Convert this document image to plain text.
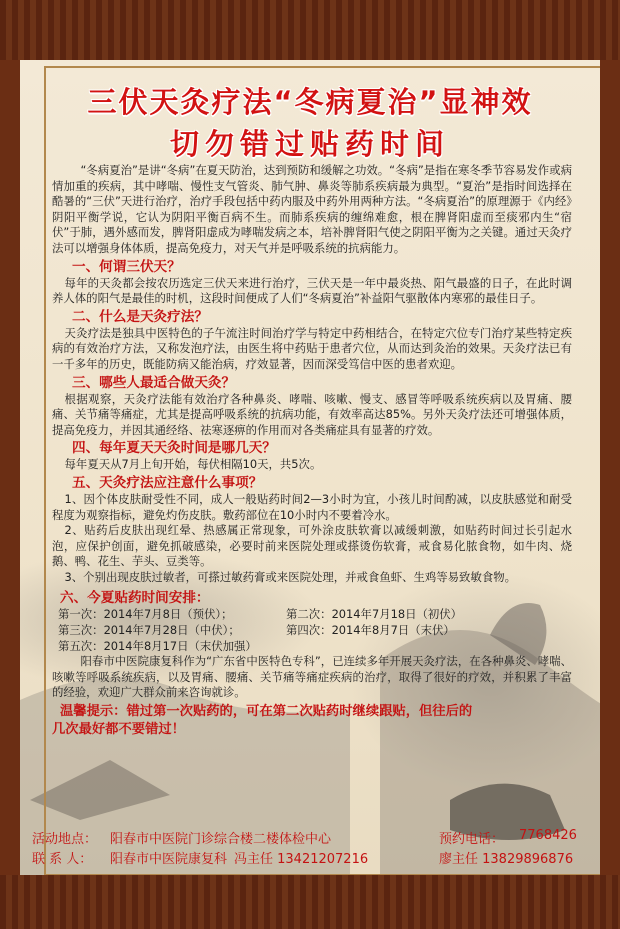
三伏天灸疗法“冬病夏治”显神效
切勿错过贴药时间

“冬病夏治”是讲“冬病”在夏天防治，达到预防和缓解之功效。“冬病”是指在寒冬季节容易发作或病情加重的疾病，其中哮喘、慢性支气管炎、肺气肿、鼻炎等肺系疾病最为典型。“夏治”是指时间选择在酷暑的“三伏”天进行治疗，治疗手段包括中药内服及中药外用两种方法。“冬病夏治”的原理源于《内经》阴阳平衡学说，它认为阴阳平衡百病不生。而肺系疾病的缠绵难愈，根在脾肾阳虚而至痰邪内生“宿伏”于肺，遇外感而发，脾肾阳虚成为哮喘发病之本，培补脾肾阳气使之阴阳平衡为之关键。通过天灸疗法可以增强身体体质，提高免疫力，对天气并是呼吸系统的抗病能力。

一、何谓三伏天？

每年的天灸都会按农历选定三伏天来进行治疗，三伏天是一年中最炎热、阳气最盛的日子，在此时调养人体的阳气是最佳的时机，这段时间便成了人们“冬病夏治”补益阳气驱散体内寒邪的最佳日子。

二、什么是天灸疗法？

天灸疗法是独具中医特色的子午流注时间治疗学与特定中药相结合，在特定穴位专门治疗某些特定疾病的有效治疗方法，又称发泡疗法，由医生将中药贴于患者穴位，从而达到灸治的效果。天灸疗法已有一千多年的历史，既能防病又能治病，疗效显著，因而深受笃信中医的患者欢迎。

三、哪些人最适合做天灸？

根据观察，天灸疗法能有效治疗各种鼻炎、哮喘、咳嗽、慢支、感冒等呼吸系统疾病以及胃痛、腰痛、关节痛等痛症，尤其是提高呼吸系统的抗病功能，有效率高达85%。另外天灸疗法还可增强体质，提高免疫力，并因其通经络、祛寒逐痹的作用而对各类痛症具有显著的疗效。

四、每年夏天天灸时间是哪几天？

每年夏天从7月上旬开始，每伏相隔10天，共5次。

五、天灸疗法应注意什么事项？

1、因个体皮肤耐受性不同，成人一般贴药时间2—3小时为宜，小孩儿时间酌减，以皮肤感觉和耐受程度为观察指标，避免灼伤皮肤。敷药部位在10小时内不要着冷水。

2、贴药后皮肤出现红晕、热感属正常现象，可外涂皮肤软膏以减缓刺激，如贴药时间过长引起水泡，应保护创面，避免抓破感染，必要时前来医院处理或搽烫伤软膏，戒食易化脓食物，如牛肉、烧鹅、鸭、花生、芋头、豆类等。

3、个别出现皮肤过敏者，可搽过敏药膏或来医院处理，并戒食鱼虾、生鸡等易致敏食物。

六、今夏贴药时间安排：
第一次：2014年7月8日（预伏）；	第二次：2014年7月18日（初伏）
第三次：2014年7月28日（中伏）；	第四次：2014年8月7日（末伏）
第五次：2014年8月17日（末伏加强）

阳春市中医院康复科作为“广东省中医特色专科”，已连续多年开展天灸疗法，在各种鼻炎、哮喘、咳嗽等呼吸系统疾病，以及胃痛、腰痛、关节痛等痛症疾病的治疗，取得了很好的疗效，并积累了丰富的经验，欢迎广大群众前来咨询就诊。

温馨提示：错过第一次贴药的，可在第二次贴药时继续跟贴，但往后的
几次最好都不要错过！
活动地点： 阳春市中医院门诊综合楼二楼体检中心	预约电话： 7768426
联 系 人： 阳春市中医院康复科 冯主任 13421207216	廖主任 13829896876
